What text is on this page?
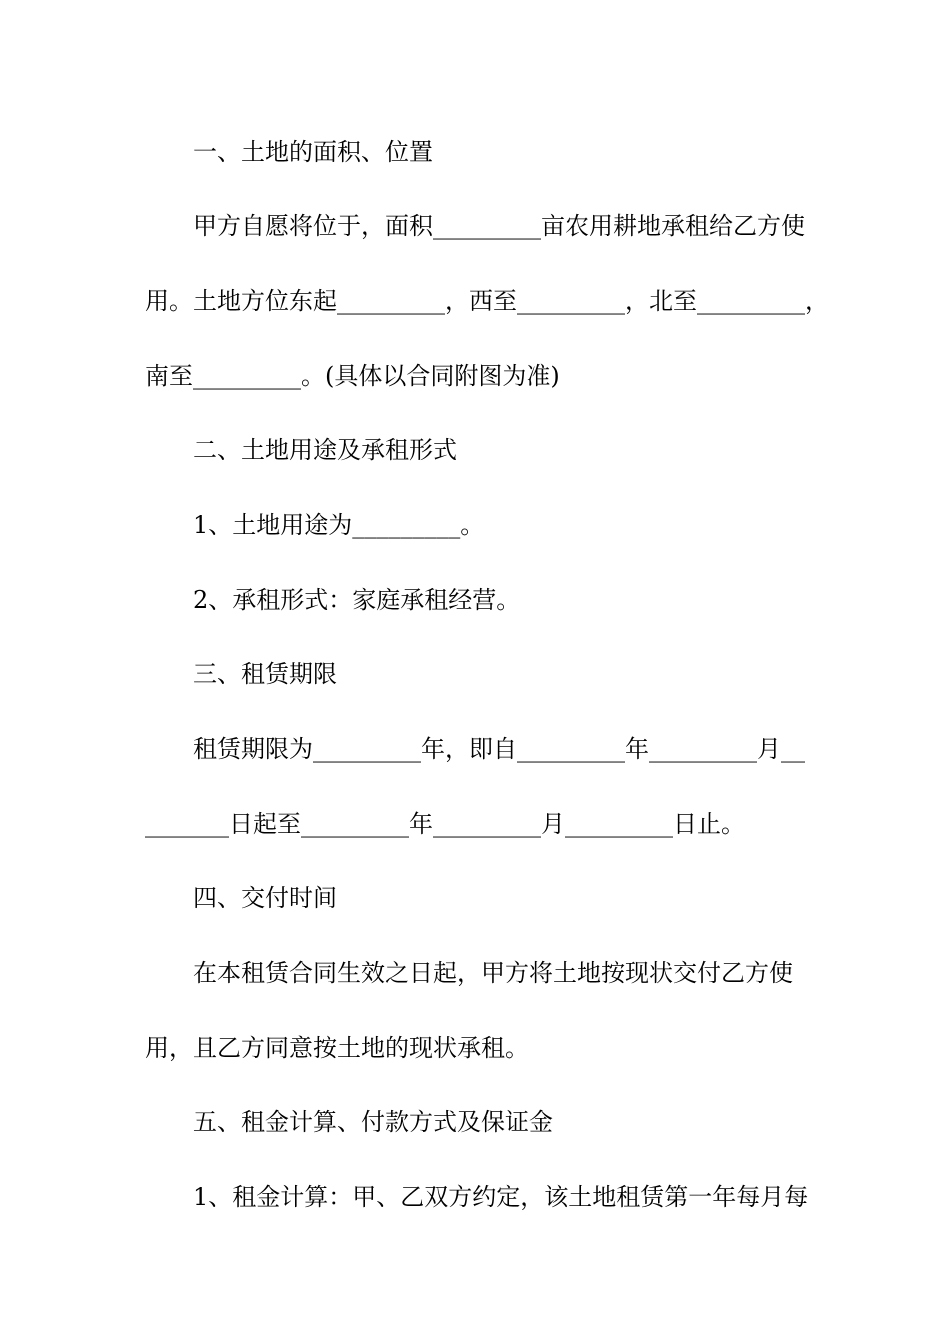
一、土地的面积、位置
甲方自愿将位于，面积_________亩农用耕地承租给乙方使
用。土地方位东起_________，西至_________，北至_________，
南至_________。(具体以合同附图为准)
二、土地用途及承租形式
1、土地用途为_________。
2、承租形式：家庭承租经营。
三、租赁期限
租赁期限为_________年，即自_________年_________月__
_______日起至_________年_________月_________日止。
四、交付时间
在本租赁合同生效之日起，甲方将土地按现状交付乙方使
用，且乙方同意按土地的现状承租。
五、租金计算、付款方式及保证金
1、租金计算：甲、乙双方约定，该土地租赁第一年每月每
